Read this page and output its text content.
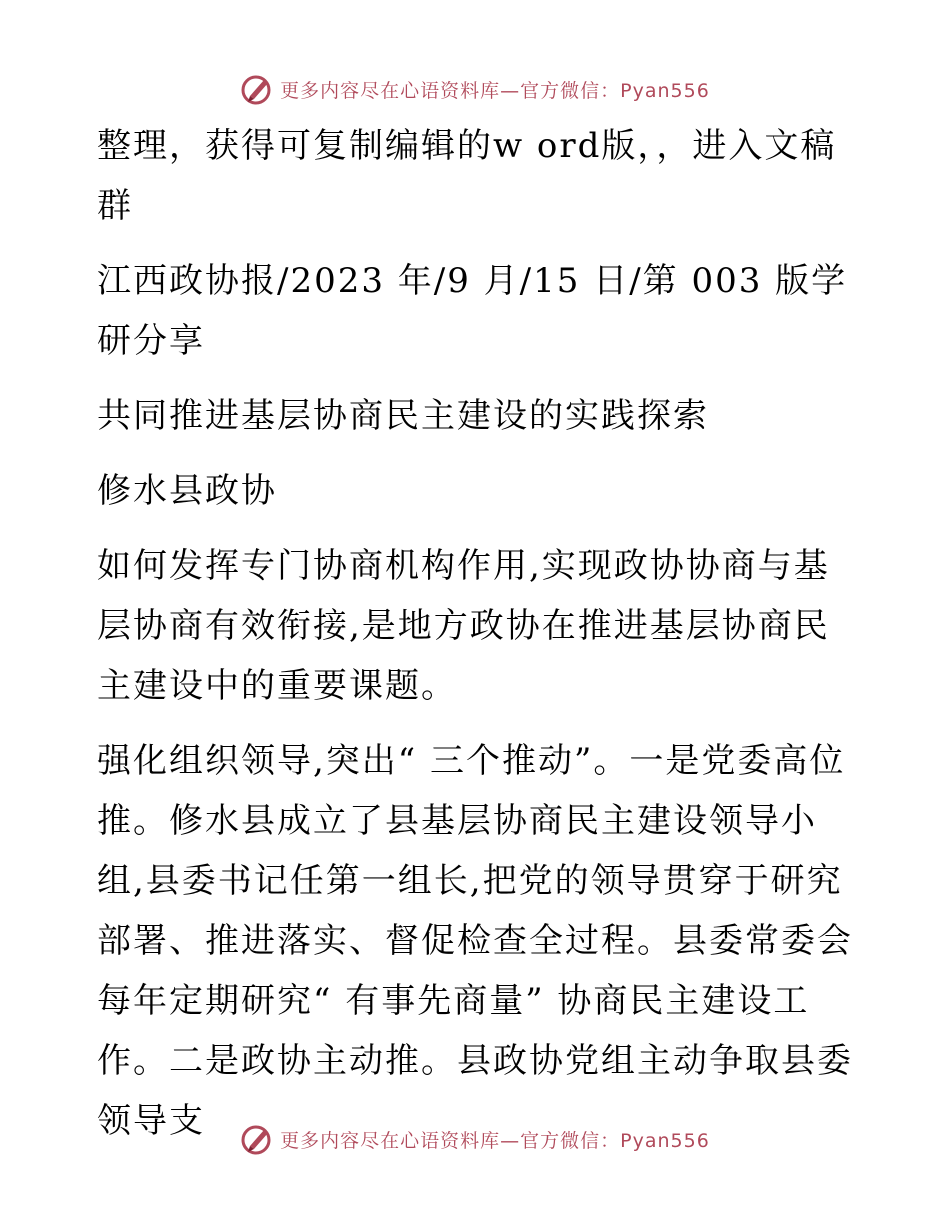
更多内容尽在心语资料库—官方微信：Pyan556

整理，获得可复制编辑的w ord版，，进入文稿群

江西政协报/2023 年/9 月/15 日/第 003 版学研分享

共同推进基层协商民主建设的实践探索

修水县政协

如何发挥专门协商机构作用,实现政协协商与基层协商有效衔接,是地方政协在推进基层协商民主建设中的重要课题。

强化组织领导,突出“ 三个推动”。一是党委高位推。修水县成立了县基层协商民主建设领导小组,县委书记任第一组长,把党的领导贯穿于研究部署、推进落实、督促检查全过程。县委常委会每年定期研究“ 有事先商量” 协商民主建设工作。二是政协主动推。县政协党组主动争取县委领导支	更多内容尽在心语资料库—官方微信：Pyan556
